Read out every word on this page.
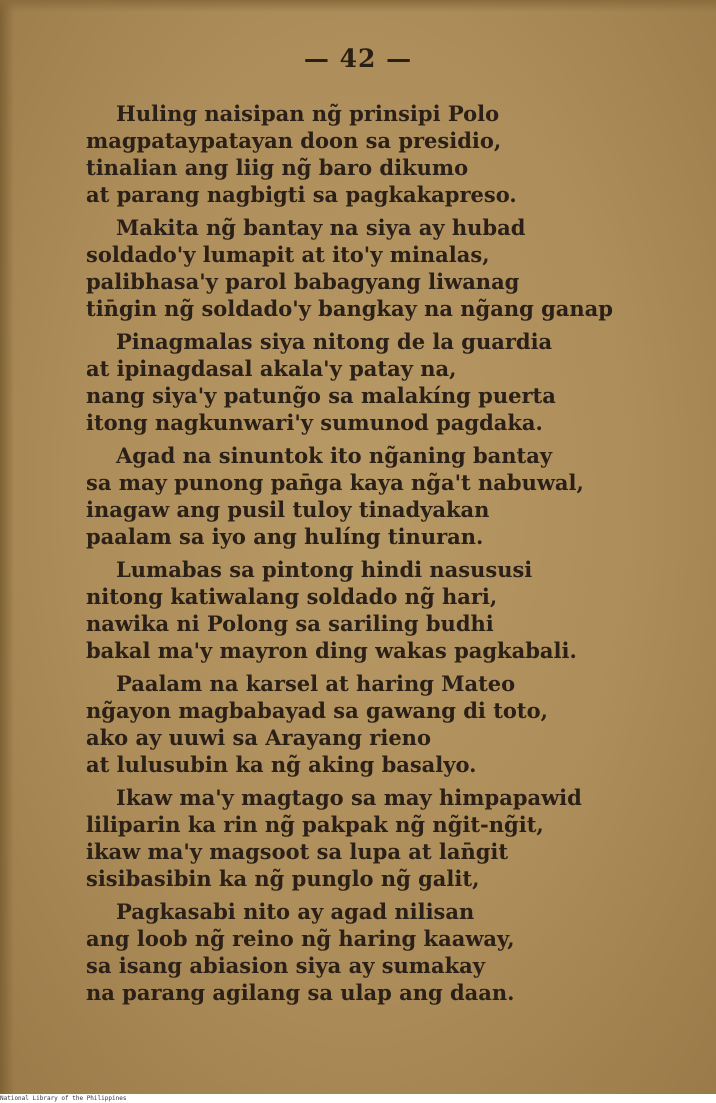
— 42 —
Huling naisipan ng̃ prinsipi Polo
magpataypatayan doon sa presidio,
tinalian ang liig ng̃ baro dikumo
at parang nagbigti sa pagkakapreso.
Makita ng̃ bantay na siya ay hubad
soldado'y lumapit at ito'y minalas,
palibhasa'y parol babagyang liwanag
tin̄gin ng̃ soldado'y bangkay na ng̃ang ganap
Pinagmalas siya nitong de la guardia
at ipinagdasal akala'y patay na,
nang siya'y patung̃o sa malakíng puerta
itong nagkunwari'y sumunod pagdaka.
Agad na sinuntok ito ng̃aning bantay
sa may punong pan̄ga kaya ng̃a't nabuwal,
inagaw ang pusil tuloy tinadyakan
paalam sa iyo ang hulíng tinuran.
Lumabas sa pintong hindi nasususi
nitong katiwalang soldado ng̃ hari,
nawika ni Polong sa sariling budhi
bakal ma'y mayron ding wakas pagkabali.
Paalam na karsel at haring Mateo
ng̃ayon magbabayad sa gawang di toto,
ako ay uuwi sa Arayang rieno
at lulusubin ka ng̃ aking basalyo.
Ikaw ma'y magtago sa may himpapawid
liliparin ka rin ng̃ pakpak ng̃ ng̃it-ng̃it,
ikaw ma'y magsoot sa lupa at lan̄git
sisibasibin ka ng̃ punglo ng̃ galit,
Pagkasabi nito ay agad nilisan
ang loob ng̃ reino ng̃ haring kaaway,
sa isang abiasion siya ay sumakay
na parang agilang sa ulap ang daan.
National Library of the Philippines
